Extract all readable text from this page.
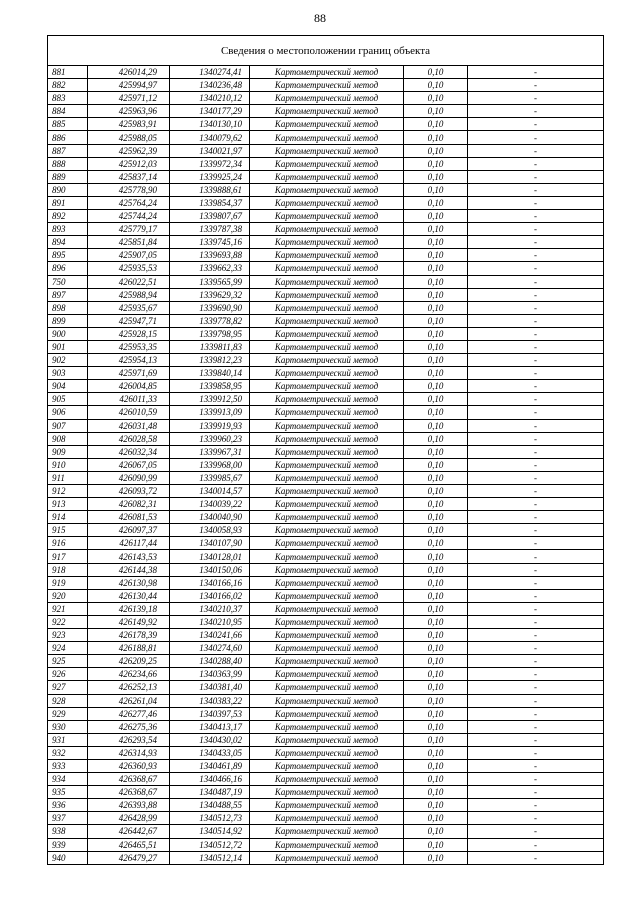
88
Сведения о местоположении границ объекта					
881	426014,29	1340274,41	Картометрический метод	0,10	-
882	425994,97	1340236,48	Картометрический метод	0,10	-
883	425971,12	1340210,12	Картометрический метод	0,10	-
884	425963,96	1340177,29	Картометрический метод	0,10	-
885	425983,91	1340130,10	Картометрический метод	0,10	-
886	425988,05	1340079,62	Картометрический метод	0,10	-
887	425962,39	1340021,97	Картометрический метод	0,10	-
888	425912,03	1339972,34	Картометрический метод	0,10	-
889	425837,14	1339925,24	Картометрический метод	0,10	-
890	425778,90	1339888,61	Картометрический метод	0,10	-
891	425764,24	1339854,37	Картометрический метод	0,10	-
892	425744,24	1339807,67	Картометрический метод	0,10	-
893	425779,17	1339787,38	Картометрический метод	0,10	-
894	425851,84	1339745,16	Картометрический метод	0,10	-
895	425907,05	1339693,88	Картометрический метод	0,10	-
896	425935,53	1339662,33	Картометрический метод	0,10	-
750	426022,51	1339565,99	Картометрический метод	0,10	-
897	425988,94	1339629,32	Картометрический метод	0,10	-
898	425935,67	1339690,90	Картометрический метод	0,10	-
899	425947,71	1339778,82	Картометрический метод	0,10	-
900	425928,15	1339798,95	Картометрический метод	0,10	-
901	425953,35	1339811,83	Картометрический метод	0,10	-
902	425954,13	1339812,23	Картометрический метод	0,10	-
903	425971,69	1339840,14	Картометрический метод	0,10	-
904	426004,85	1339858,95	Картометрический метод	0,10	-
905	426011,33	1339912,50	Картометрический метод	0,10	-
906	426010,59	1339913,09	Картометрический метод	0,10	-
907	426031,48	1339919,93	Картометрический метод	0,10	-
908	426028,58	1339960,23	Картометрический метод	0,10	-
909	426032,34	1339967,31	Картометрический метод	0,10	-
910	426067,05	1339968,00	Картометрический метод	0,10	-
911	426090,99	1339985,67	Картометрический метод	0,10	-
912	426093,72	1340014,57	Картометрический метод	0,10	-
913	426082,31	1340039,22	Картометрический метод	0,10	-
914	426081,53	1340040,90	Картометрический метод	0,10	-
915	426097,37	1340058,93	Картометрический метод	0,10	-
916	426117,44	1340107,90	Картометрический метод	0,10	-
917	426143,53	1340128,01	Картометрический метод	0,10	-
918	426144,38	1340150,06	Картометрический метод	0,10	-
919	426130,98	1340166,16	Картометрический метод	0,10	-
920	426130,44	1340166,02	Картометрический метод	0,10	-
921	426139,18	1340210,37	Картометрический метод	0,10	-
922	426149,92	1340210,95	Картометрический метод	0,10	-
923	426178,39	1340241,66	Картометрический метод	0,10	-
924	426188,81	1340274,60	Картометрический метод	0,10	-
925	426209,25	1340288,40	Картометрический метод	0,10	-
926	426234,66	1340363,99	Картометрический метод	0,10	-
927	426252,13	1340381,40	Картометрический метод	0,10	-
928	426261,04	1340383,22	Картометрический метод	0,10	-
929	426277,46	1340397,53	Картометрический метод	0,10	-
930	426275,36	1340413,17	Картометрический метод	0,10	-
931	426293,54	1340430,02	Картометрический метод	0,10	-
932	426314,93	1340433,05	Картометрический метод	0,10	-
933	426360,93	1340461,89	Картометрический метод	0,10	-
934	426368,67	1340466,16	Картометрический метод	0,10	-
935	426368,67	1340487,19	Картометрический метод	0,10	-
936	426393,88	1340488,55	Картометрический метод	0,10	-
937	426428,99	1340512,73	Картометрический метод	0,10	-
938	426442,67	1340514,92	Картометрический метод	0,10	-
939	426465,51	1340512,72	Картометрический метод	0,10	-
940	426479,27	1340512,14	Картометрический метод	0,10	-
